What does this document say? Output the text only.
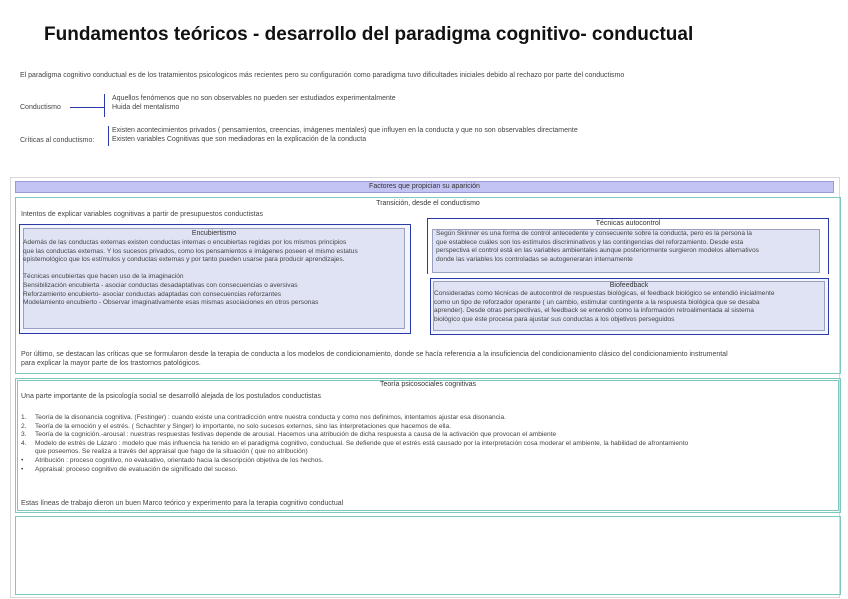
Fundamentos teóricos - desarrollo del paradigma cognitivo- conductual
El paradigma cognitivo conductual es de los tratamientos psicologicos más recientes pero su configuración como paradigma tuvo dificultades iniciales debido al rechazo por parte del conductismo
Conductismo
Aquellos fenómenos que no son observables no pueden ser estudiados experimentalmente
Huida del mentalismo
Críticas al conductismo:
Existen acontecimientos privados ( pensamientos, creencias, imágenes mentales) que influyen en la conducta y que no son observables directamente
Existen variables Cognitivas que son mediadoras en la explicación de la conducta
Factores que propician su aparición
Transición, desde el conductismo
Intentos de explicar variables cognitivas a partir de presupuestos conductistas
Encubiertismo
Además de las conductas externas existen conductas internas o encubiertas regidas por los mismos principios
que las conductas externas. Y los sucesos privados, como los pensamientos e imágenes poseen el mismo estatus
epistemológico que los estímulos y conductas externas y por tanto pueden usarse para producir aprendizajes.
Técnicas encubiertas que hacen uso de la imaginación
Sensibilización encubierta - asociar conductas desadaptativas con consecuencias o aversivas
Reforzamiento encubierto- asociar conductas adaptadas con consecuencias reforzantes
Modelamiento encubierto - Observar imaginativamente esas mismas asociaciones en otros personas
Técnicas autocontrol
Según Skinner es una forma de control antecedente y consecuente sobre la conducta, pero es la persona la
que establece cuáles son los estímulos discriminativos y las contingencias del reforzamiento. Desde esta
perspectiva el control está en las variables ambientales aunque posteriormente surgieron modelos alternativos
donde las variables los controladas se autogeneraran internamente
Biofeedback
Consideradas como técnicas de autocontrol de respuestas biológicas, el feedback biológico se entendió inicialmente
como un tipo de reforzador operante ( un cambio, estimular contingente a la respuesta biológica que se desaba
aprender). Desde otras perspectivas, el feedback se entendió como la información retroalimentada al sistema
biológico que éste procesa para ajustar sus conductas a los objetivos perseguidos
Por último, se destacan las críticas que se formularon desde la terapia de conducta a los modelos de condicionamiento, donde se hacía referencia a la insuficiencia del condicionamiento clásico del condicionamiento instrumental
para explicar la mayor parte de los trastornos patológicos.
Teoría psicosociales cognitivas
Una parte importante de la psicología social se desarrolló alejada de los postulados conductistas
1. Teoría de la disonancia cognitiva. (Festinger) : cuando existe una contradicción entre nuestra conducta y como nos definimos, intentamos ajustar esa disonancia.
2. Teoría de la emoción y el estrés. ( Schachter y Singer) lo importante, no solo sucesos externos, sino las interpretaciones que hacemos de ella.
3. Teoría de la cognición.-arousal : nuestras respuestas festivas depende de arousal. Hacemos una atribución de dicha respuesta a causa de la activación que provocan el ambiente
4. Modelo de estrés de Lázaro : modelo que más influencia ha tenido en el paradigma cognitivo, conductual. Se defiende que el estrés está causado por la interpretación cosa moderar el ambiente, la habilidad de afrontamiento
que poseemos. Se realiza a través del appraisal que hago de la situación ( que no atribución)
• Atribución : proceso cognitivo, no evaluativo, orientado hacia la descripción objetiva de los hechos.
• Appraisal: proceso cognitivo de evaluación de significado del suceso.
Estas líneas de trabajo dieron un buen Marco teórico y experimento para la terapia cognitivo conductual
